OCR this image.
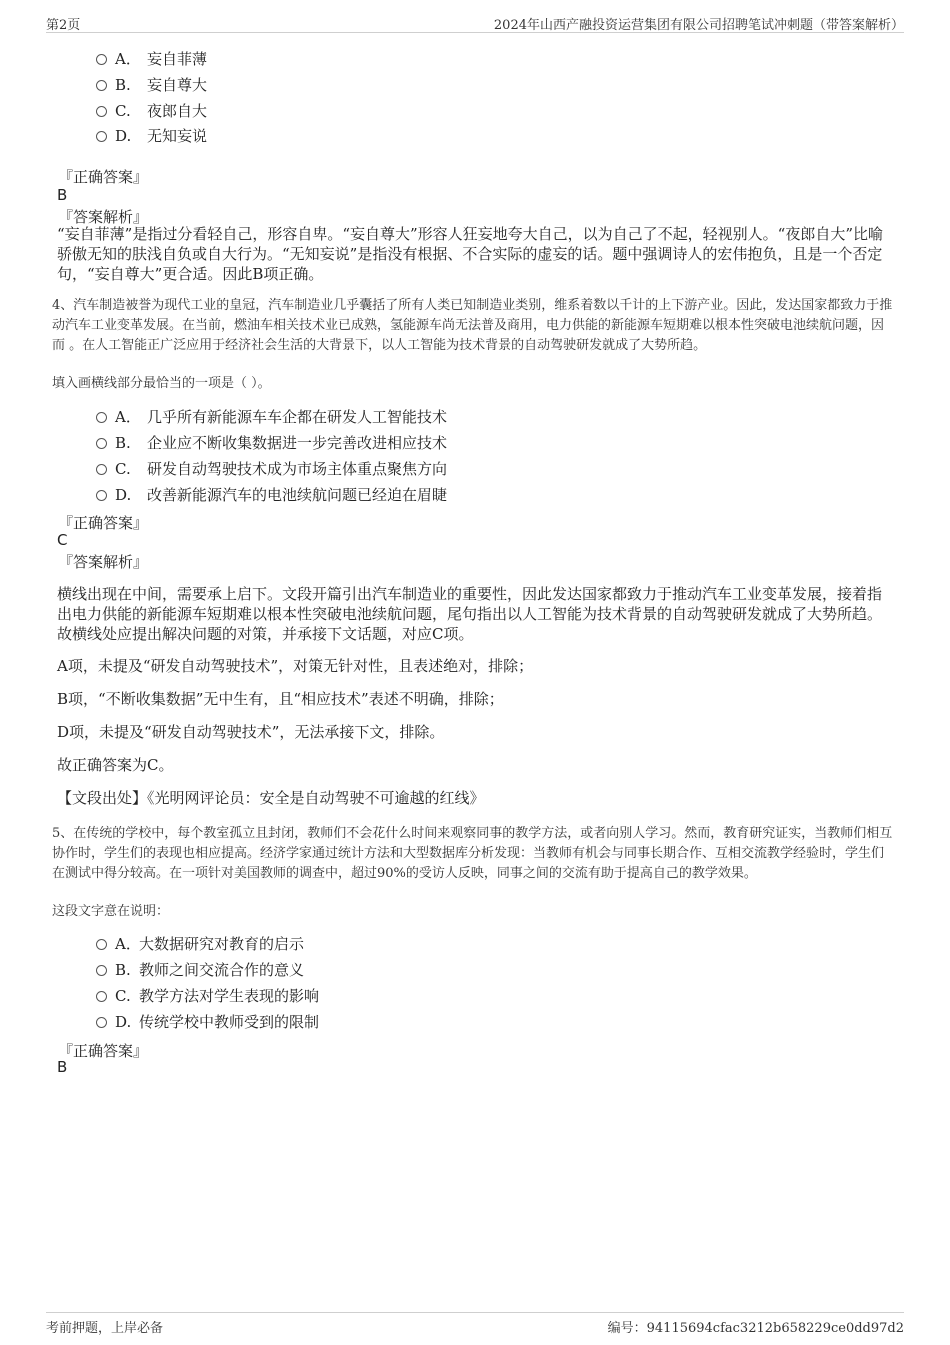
第2页	2024年山西产融投资运营集团有限公司招聘笔试冲刺题（带答案解析）
A． 妄自菲薄
B. 妄自尊大
C. 夜郎自大
D. 无知妄说
『正确答案』
B
『答案解析』
“妄自菲薄”是指过分看轻自己，形容自卑。“妄自尊大”形容人狂妄地夸大自己，以为自己了不起，轻视别人。“夜郎自大”比喻骄傲无知的肤浅自负或自大行为。“无知妄说”是指没有根据、不合实际的虚妄的话。题中强调诗人的宏伟抱负，且是一个否定句，“妄自尊大”更合适。因此B项正确。
4、汽车制造被誉为现代工业的皇冠，汽车制造业几乎囊括了所有人类已知制造业类别，维系着数以千计的上下游产业。因此，发达国家都致力于推动汽车工业变革发展。在当前，燃油车相关技术业已成熟，氢能源车尚无法普及商用，电力供能的新能源车短期难以根本性突破电池续航问题，因而 。在人工智能正广泛应用于经济社会生活的大背景下，以人工智能为技术背景的自动驾驶研发就成了大势所趋。
填入画横线部分最恰当的一项是（ ）。
A． 几乎所有新能源车车企都在研发人工智能技术
B. 企业应不断收集数据进一步完善改进相应技术
C. 研发自动驾驶技术成为市场主体重点聚焦方向
D. 改善新能源汽车的电池续航问题已经迫在眉睫
『正确答案』
C
『答案解析』
横线出现在中间，需要承上启下。文段开篇引出汽车制造业的重要性，因此发达国家都致力于推动汽车工业变革发展，接着指出电力供能的新能源车短期难以根本性突破电池续航问题，尾句指出以人工智能为技术背景的自动驾驶研发就成了大势所趋。故横线处应提出解决问题的对策，并承接下文话题，对应C项。
A项，未提及“研发自动驾驶技术”，对策无针对性，且表述绝对，排除；
B项，“不断收集数据”无中生有，且“相应技术”表述不明确，排除；
D项，未提及“研发自动驾驶技术”，无法承接下文，排除。
故正确答案为C。
【文段出处】《光明网评论员：安全是自动驾驶不可逾越的红线》
5、在传统的学校中，每个教室孤立且封闭，教师们不会花什么时间来观察同事的教学方法，或者向别人学习。然而，教育研究证实，当教师们相互协作时，学生们的表现也相应提高。经济学家通过统计方法和大型数据库分析发现：当教师有机会与同事长期合作、互相交流教学经验时，学生们在测试中得分较高。在一项针对美国教师的调查中，超过90%的受访人反映，同事之间的交流有助于提高自己的教学效果。
这段文字意在说明：
A．大数据研究对教育的启示
B. 教师之间交流合作的意义
C. 教学方法对学生表现的影响
D. 传统学校中教师受到的限制
『正确答案』
B
考前押题，上岸必备	编号：94115694cfac3212b658229ce0dd97d2
